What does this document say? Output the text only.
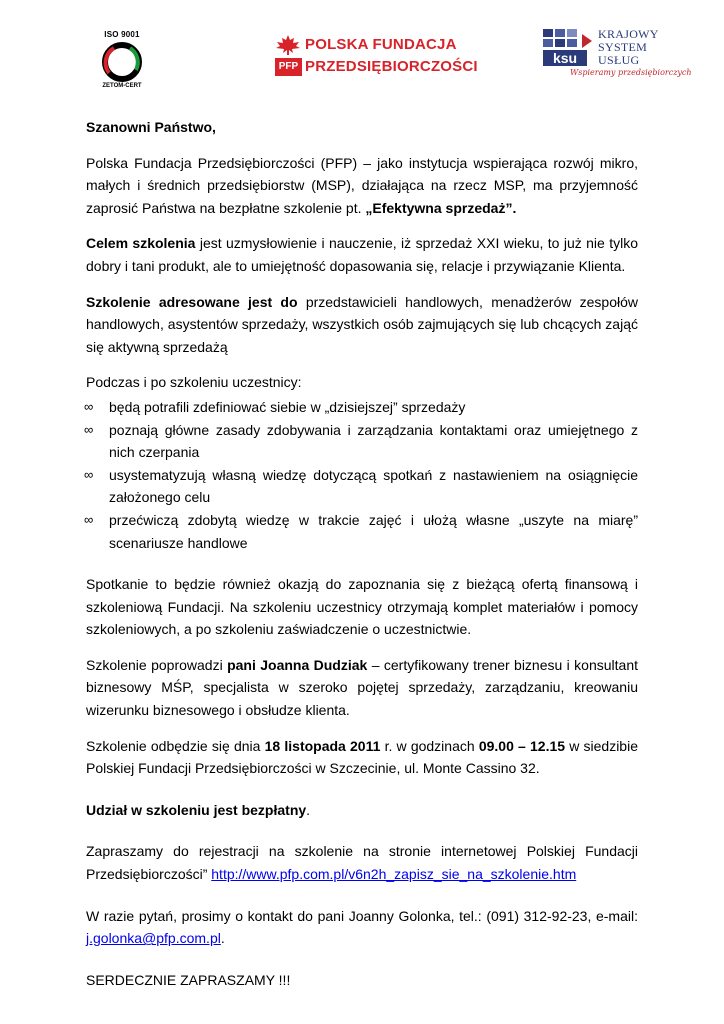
ISO 9001
ZETOM-CERT
POLSKA FUNDACJA
PFP PRZEDSIĘBIORCZOŚCI	ksu
KRAJOWY
SYSTEM
USŁUG
Wspieramy przedsiębiorczych

Szanowni Państwo,

Polska Fundacja Przedsiębiorczości (PFP) – jako instytucja wspierająca rozwój mikro, małych i średnich przedsiębiorstw (MSP), działająca na rzecz MSP, ma przyjemność zaprosić Państwa na bezpłatne szkolenie pt. „Efektywna sprzedaż”.

Celem szkolenia jest uzmysłowienie i nauczenie, iż sprzedaż XXI wieku, to już nie tylko dobry i tani produkt, ale to umiejętność dopasowania się, relacje i przywiązanie Klienta.

Szkolenie adresowane jest do przedstawicieli handlowych, menadżerów zespołów handlowych, asystentów sprzedaży, wszystkich osób zajmujących się lub chcących zająć się aktywną sprzedażą

Podczas i po szkoleniu uczestnicy:

∞ będą potrafili zdefiniować siebie w „dzisiejszej” sprzedaży
∞ poznają główne zasady zdobywania i zarządzania kontaktami oraz umiejętnego z nich czerpania
∞ usystematyzują własną wiedzę dotyczącą spotkań z nastawieniem na osiągnięcie założonego celu
∞ przećwiczą zdobytą wiedzę w trakcie zajęć i ułożą własne „uszyte na miarę” scenariusze handlowe

Spotkanie to będzie również okazją do zapoznania się z bieżącą ofertą finansową i szkoleniową Fundacji. Na szkoleniu uczestnicy otrzymają komplet materiałów i pomocy szkoleniowych, a po szkoleniu zaświadczenie o uczestnictwie.

Szkolenie poprowadzi pani Joanna Dudziak – certyfikowany trener biznesu i konsultant biznesowy MŚP, specjalista w szeroko pojętej sprzedaży, zarządzaniu, kreowaniu wizerunku biznesowego i obsłudze klienta.

Szkolenie odbędzie się dnia 18 listopada 2011 r. w godzinach 09.00 – 12.15 w siedzibie Polskiej Fundacji Przedsiębiorczości w Szczecinie, ul. Monte Cassino 32.

Udział w szkoleniu jest bezpłatny.

Zapraszamy do rejestracji na szkolenie na stronie internetowej Polskiej Fundacji Przedsiębiorczości” http://www.pfp.com.pl/v6n2h_zapisz_sie_na_szkolenie.htm

W razie pytań, prosimy o kontakt do pani Joanny Golonka, tel.: (091) 312-92-23, e-mail: j.golonka@pfp.com.pl.

SERDECZNIE ZAPRASZAMY !!!
